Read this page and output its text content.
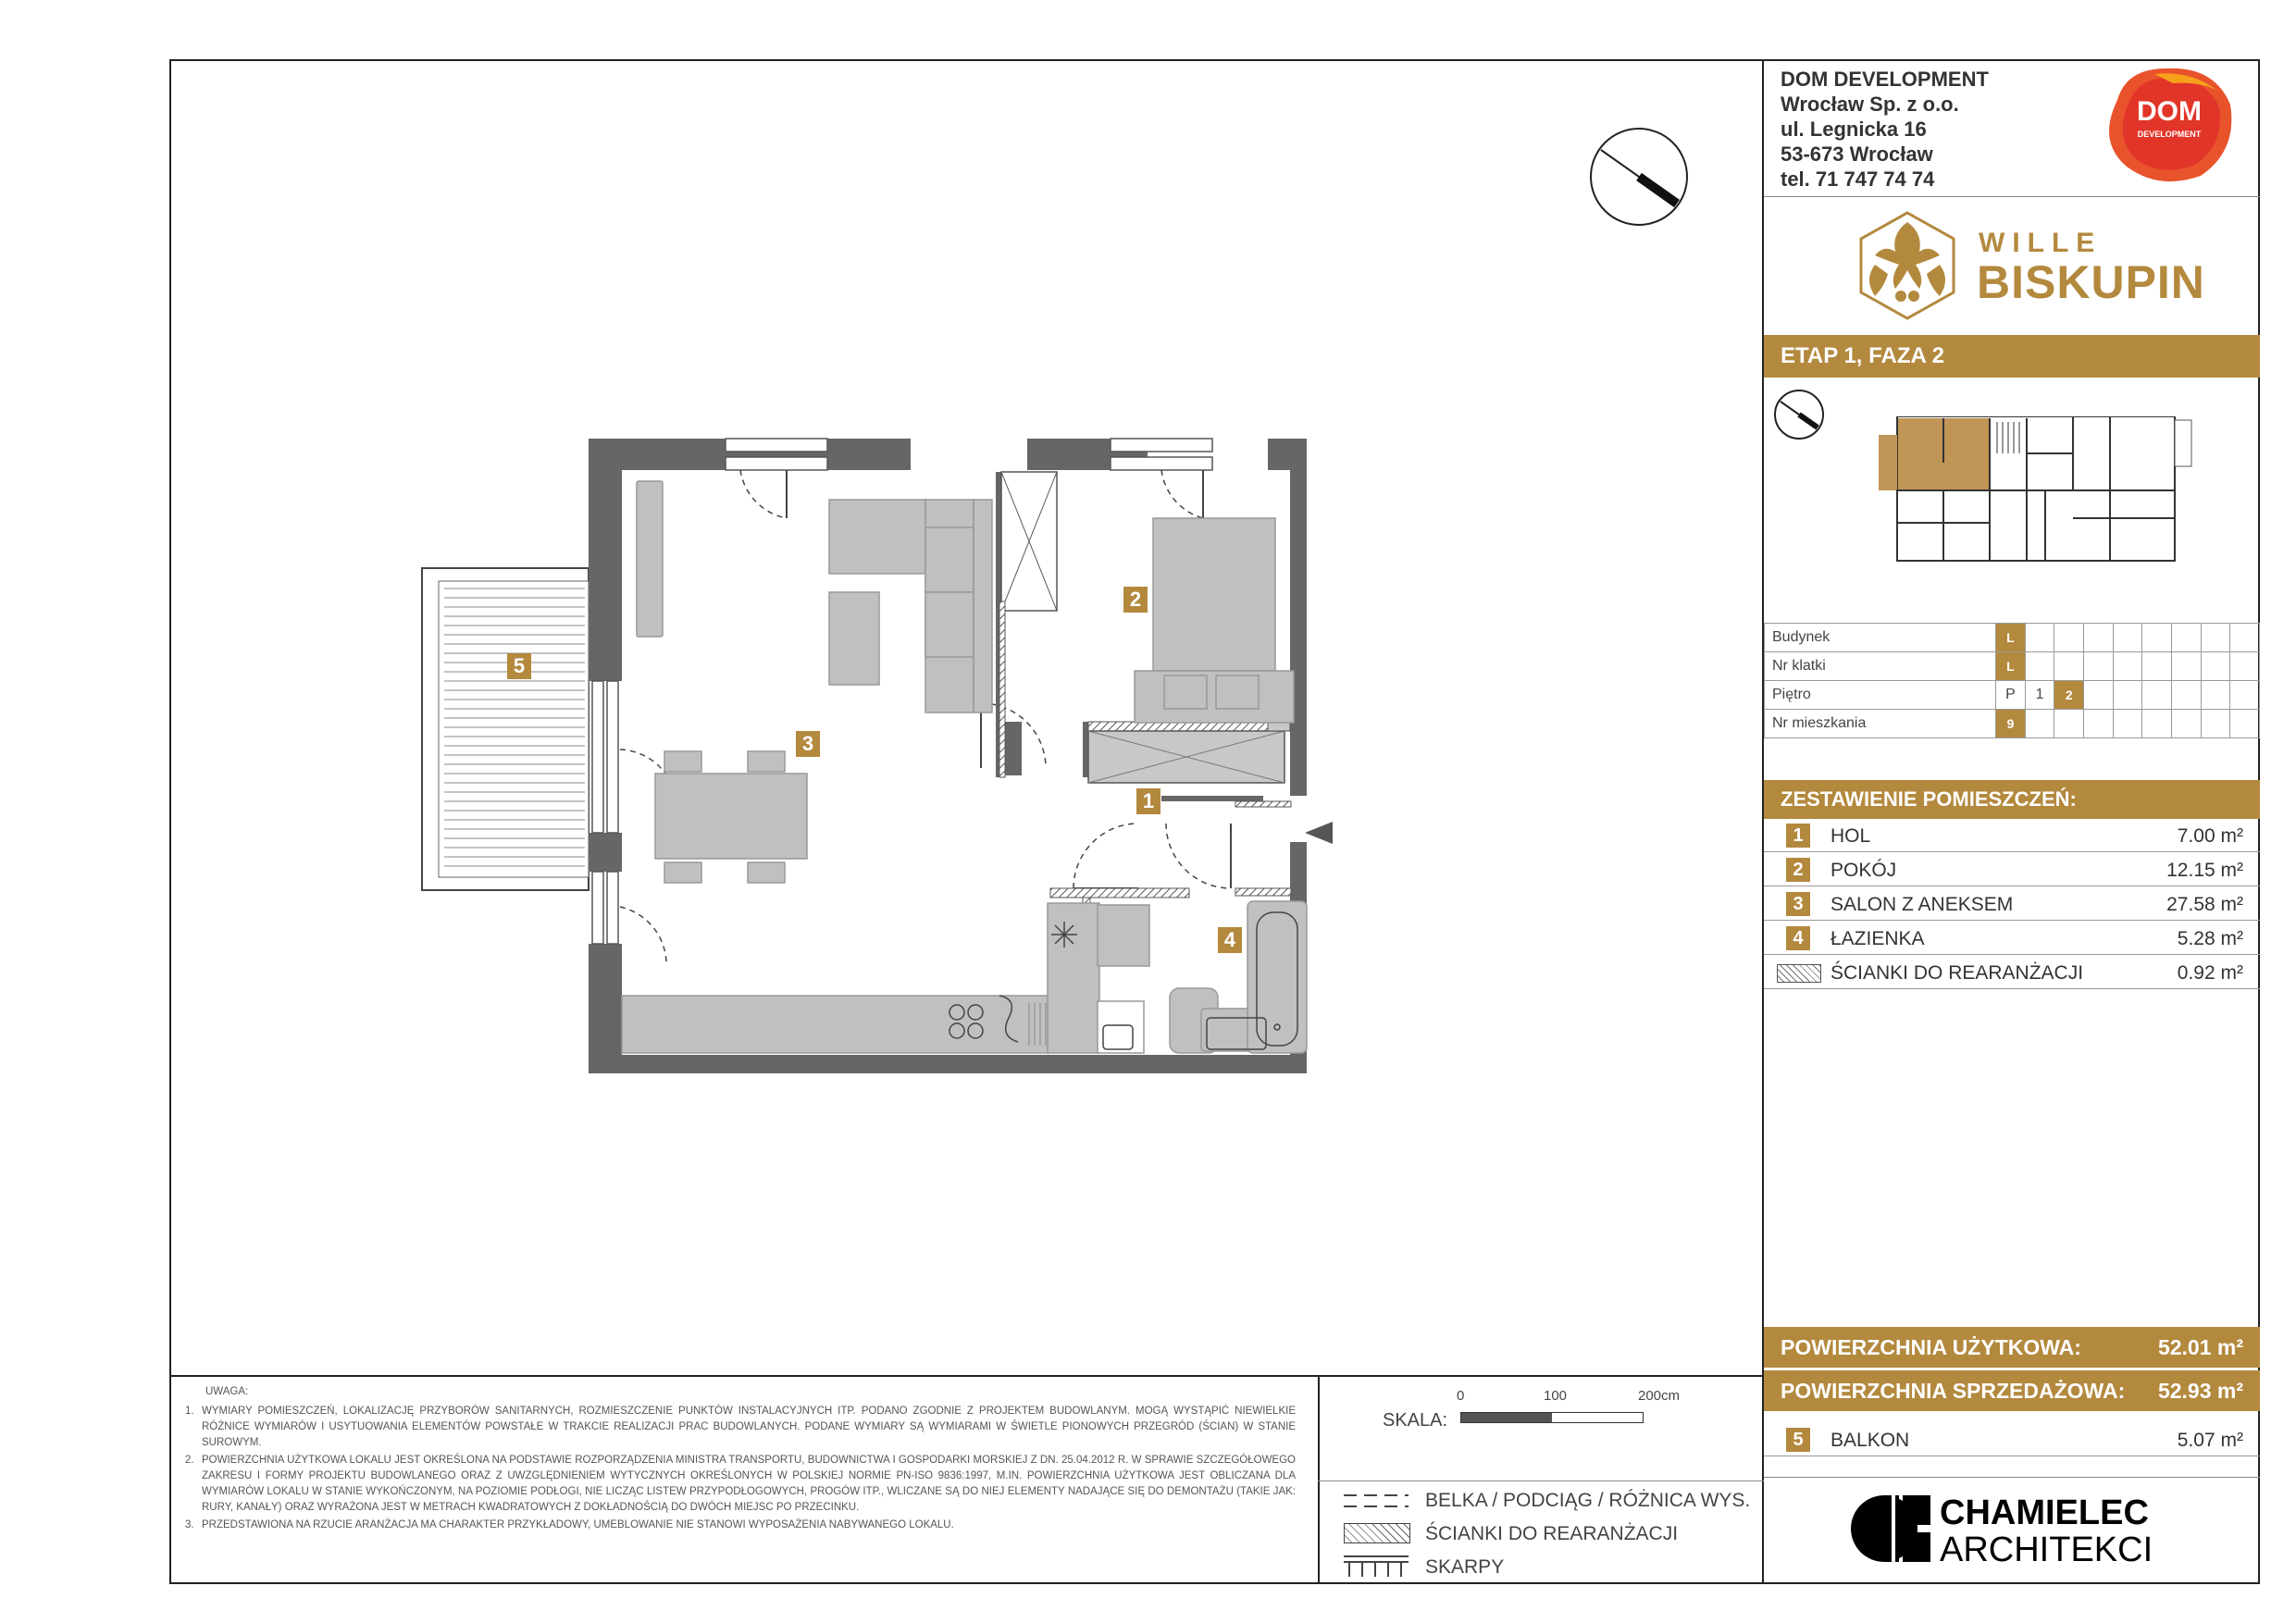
DOM DEVELOPMENT
Wrocław Sp. z o.o.
ul. Legnicka 16
53-673 Wrocław
tel. 71 747 74 74
DOM
DEVELOPMENT
WILLE
BISKUPIN
ETAP 1, FAZA 2
Budynek	L								
Nr klatki	L								
Piętro	P	1	2						
Nr mieszkania	9								
ZESTAWIENIE POMIESZCZEŃ:
1	HOL	7.00 m²
2	POKÓJ	12.15 m²
3	SALON Z ANEKSEM	27.58 m²
4	ŁAZIENKA	5.28 m²
ŚCIANKI DO REARANŻACJI	0.92 m²
POWIERZCHNIA UŻYTKOWA:	52.01 m²
POWIERZCHNIA SPRZEDAŻOWA: 52.93 m²
5	BALKON	5.07 m²
CHAMIELEC
ARCHITEKCI
UWAGA:
1. WYMIARY POMIESZCZEŃ, LOKALIZACJĘ PRZYBORÓW SANITARNYCH, ROZMIESZCZENIE PUNKTÓW INSTALACYJNYCH ITP. PODANO ZGODNIE Z PROJEKTEM BUDOWLANYM. MOGĄ WYSTĄPIĆ NIEWIELKIE RÓŻNICE WYMIARÓW I USYTUOWANIA ELEMENTÓW POWSTAŁE W TRAKCIE REALIZACJI PRAC BUDOWLANYCH. PODANE WYMIARY SĄ WYMIARAMI W ŚWIETLE PIONOWYCH PRZEGRÓD (ŚCIAN) W STANIE SUROWYM.
2. POWIERZCHNIA UŻYTKOWA LOKALU JEST OKREŚLONA NA PODSTAWIE ROZPORZĄDZENIA MINISTRA TRANSPORTU, BUDOWNICTWA I GOSPODARKI MORSKIEJ Z DN. 25.04.2012 R. W SPRAWIE SZCZEGÓŁOWEGO ZAKRESU I FORMY PROJEKTU BUDOWLANEGO ORAZ Z UWZGLĘDNIENIEM WYTYCZNYCH OKREŚLONYCH W POLSKIEJ NORMIE PN-ISO 9836:1997, M.IN. POWIERZCHNIA UŻYTKOWA JEST OBLICZANA DLA WYMIARÓW LOKALU W STANIE WYKOŃCZONYM, NA POZIOMIE PODŁOGI, NIE LICZĄC LISTEW PRZYPODŁOGOWYCH, PROGÓW ITP., WLICZANE SĄ DO NIEJ ELEMENTY NADAJĄCE SIĘ DO DEMONTAŻU (TAKIE JAK: RURY, KANAŁY) ORAZ WYRAŻONA JEST W METRACH KWADRATOWYCH Z DOKŁADNOŚCIĄ DO DWÓCH MIEJSC PO PRZECINKU.
3. PRZEDSTAWIONA NA RZUCIE ARANŻACJA MA CHARAKTER PRZYKŁADOWY, UMEBLOWANIE NIE STANOWI WYPOSAŻENIA NABYWANEGO LOKALU.
SKALA:
0	100	200cm
BELKA / PODCIĄG / RÓŻNICA WYS.
ŚCIANKI DO REARANŻACJI
SKARPY
1
2
3
4
5
